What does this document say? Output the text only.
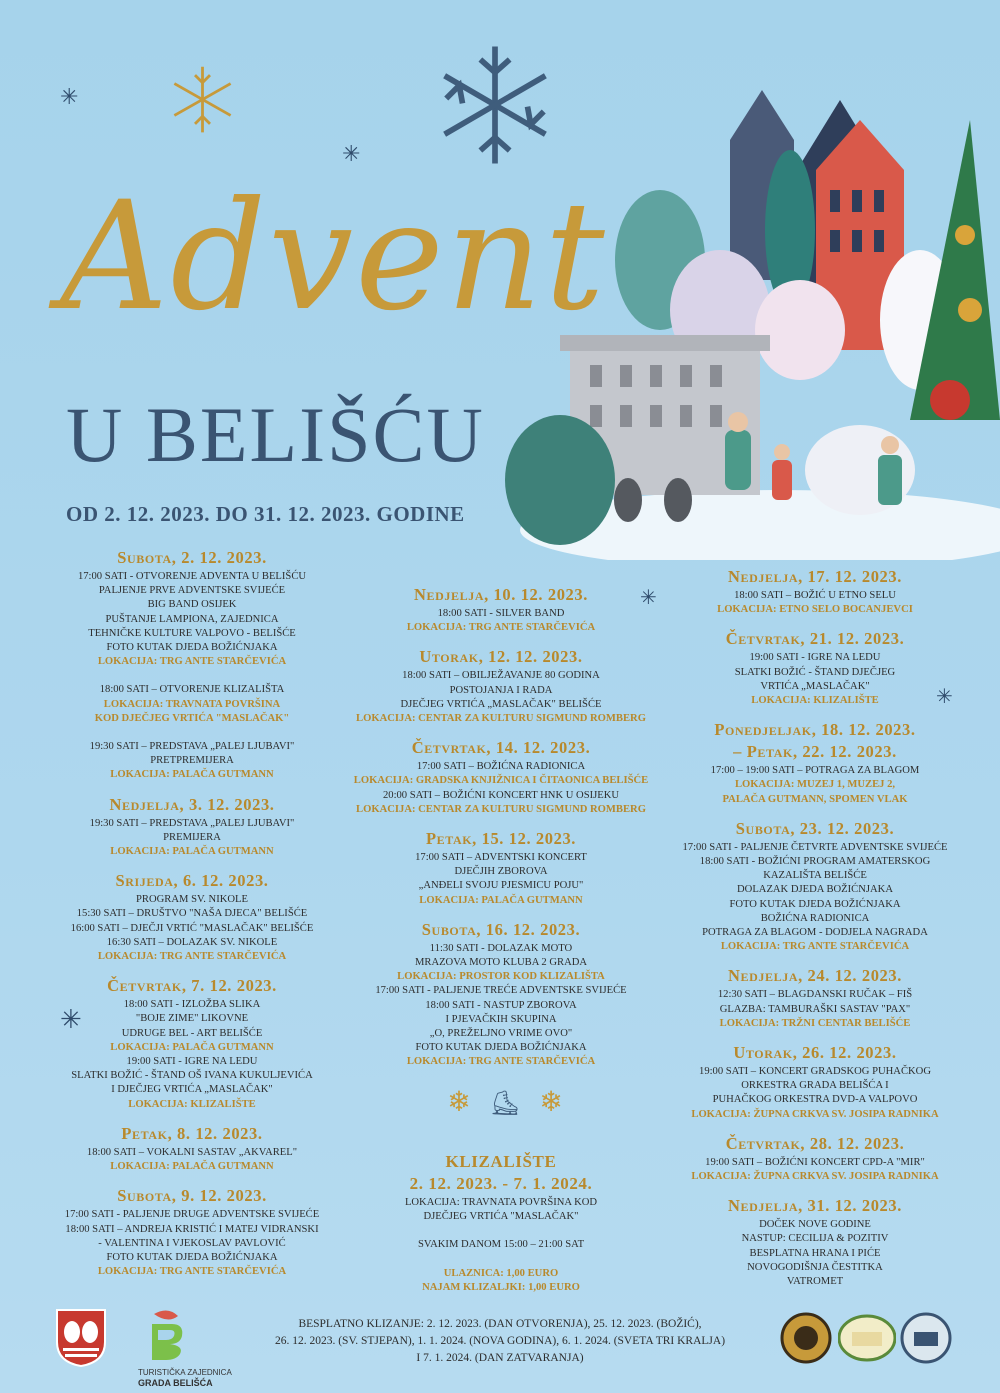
✳
✳
✳
✳
✳
Advent
U BELIŠĆU
OD 2. 12. 2023. DO 31. 12. 2023. GODINE
Subota, 2. 12. 2023.
17:00 SATI - OTVORENJE ADVENTA U BELIŠĆU
PALJENJE PRVE ADVENTSKE SVIJEĆE
BIG BAND OSIJEK
PUŠTANJE LAMPIONA, ZAJEDNICA
TEHNIČKE KULTURE VALPOVO - BELIŠĆE
FOTO KUTAK DJEDA BOŽIĆNJAKA
LOKACIJA: TRG ANTE STARČEVIĆA
18:00 SATI – OTVORENJE KLIZALIŠTA
LOKACIJA: TRAVNATA POVRŠINA
KOD DJEČJEG VRTIĆA "MASLAČAK"
19:30 SATI – PREDSTAVA „PALEJ LJUBAVI"
PRETPREMIJERA
LOKACIJA: PALAČA GUTMANN
Nedjelja, 3. 12. 2023.
19:30 SATI – PREDSTAVA „PALEJ LJUBAVI"
PREMIJERA
LOKACIJA: PALAČA GUTMANN
Srijeda, 6. 12. 2023.
PROGRAM SV. NIKOLE
15:30 SATI – DRUŠTVO "NAŠA DJECA" BELIŠĆE
16:00 SATI – DJEČJI VRTIĆ "MASLAČAK" BELIŠĆE
16:30 SATI – DOLAZAK SV. NIKOLE
LOKACIJA: TRG ANTE STARČEVIĆA
Četvrtak, 7. 12. 2023.
18:00 SATI - IZLOŽBA SLIKA
"BOJE ZIME" LIKOVNE
UDRUGE BEL - ART BELIŠĆE
LOKACIJA: PALAČA GUTMANN
19:00 SATI - IGRE NA LEDU
SLATKI BOŽIĆ - ŠTAND OŠ IVANA KUKULJEVIĆA
I DJEČJEG VRTIĆA „MASLAČAK"
LOKACIJA: KLIZALIŠTE
Petak, 8. 12. 2023.
18:00 SATI – VOKALNI SASTAV „AKVAREL"
LOKACIJA: PALAČA GUTMANN
Subota, 9. 12. 2023.
17:00 SATI - PALJENJE DRUGE ADVENTSKE SVIJEĆE
18:00 SATI – ANDREJA KRISTIĆ I MATEJ VIDRANSKI
- VALENTINA I VJEKOSLAV PAVLOVIĆ
FOTO KUTAK DJEDA BOŽIĆNJAKA
LOKACIJA: TRG ANTE STARČEVIĆA
Nedjelja, 10. 12. 2023.
18:00 SATI - SILVER BAND
LOKACIJA: TRG ANTE STARČEVIĆA
Utorak, 12. 12. 2023.
18:00 SATI – OBILJEŽAVANJE 80 GODINA
POSTOJANJA I RADA
DJEČJEG VRTIĆA „MASLAČAK" BELIŠĆE
LOKACIJA: CENTAR ZA KULTURU SIGMUND ROMBERG
Četvrtak, 14. 12. 2023.
17:00 SATI – BOŽIĆNA RADIONICA
LOKACIJA: GRADSKA KNJIŽNICA I ČITAONICA BELIŠĆE
20:00 SATI – BOŽIĆNI KONCERT HNK U OSIJEKU
LOKACIJA: CENTAR ZA KULTURU SIGMUND ROMBERG
Petak, 15. 12. 2023.
17:00 SATI – ADVENTSKI KONCERT
DJEČJIH ZBOROVA
„ANĐELI SVOJU PJESMICU POJU"
LOKACIJA: PALAČA GUTMANN
Subota, 16. 12. 2023.
11:30 SATI - DOLAZAK MOTO
MRAZOVA MOTO KLUBA 2 GRADA
LOKACIJA: PROSTOR KOD KLIZALIŠTA
17:00 SATI - PALJENJE TREĆE ADVENTSKE SVIJEĆE
18:00 SATI - NASTUP ZBOROVA
I PJEVAČKIH SKUPINA
„O, PREŽELJNO VRIME OVO"
FOTO KUTAK DJEDA BOŽIĆNJAKA
LOKACIJA: TRG ANTE STARČEVIĆA
Nedjelja, 17. 12. 2023.
18:00 SATI – BOŽIĆ U ETNO SELU
LOKACIJA: ETNO SELO BOCANJEVCI
Četvrtak, 21. 12. 2023.
19:00 SATI - IGRE NA LEDU
SLATKI BOŽIĆ - ŠTAND DJEČJEG
VRTIĆA „MASLAČAK"
LOKACIJA: KLIZALIŠTE
Ponedjeljak, 18. 12. 2023.
– Petak, 22. 12. 2023.
17:00 – 19:00 SATI – POTRAGA ZA BLAGOM
LOKACIJA: MUZEJ 1, MUZEJ 2,
PALAČA GUTMANN, SPOMEN VLAK
Subota, 23. 12. 2023.
17:00 SATI - PALJENJE ČETVRTE ADVENTSKE SVIJEĆE
18:00 SATI - BOŽIĆNI PROGRAM AMATERSKOG
KAZALIŠTA BELIŠĆE
DOLAZAK DJEDA BOŽIĆNJAKA
FOTO KUTAK DJEDA BOŽIĆNJAKA
BOŽIĆNA RADIONICA
POTRAGA ZA BLAGOM - DODJELA NAGRADA
LOKACIJA: TRG ANTE STARČEVIĆA
Nedjelja, 24. 12. 2023.
12:30 SATI – BLAGDANSKI RUČAK – FIŠ
GLAZBA: TAMBURAŠKI SASTAV "PAX"
LOKACIJA: TRŽNI CENTAR BELIŠĆE
Utorak, 26. 12. 2023.
19:00 SATI – KONCERT GRADSKOG PUHAČKOG
ORKESTRA GRADA BELIŠĆA I
PUHAČKOG ORKESTRA DVD-A VALPOVO
LOKACIJA: ŽUPNA CRKVA SV. JOSIPA RADNIKA
Četvrtak, 28. 12. 2023.
19:00 SATI – BOŽIĆNI KONCERT CPD-A "MIR"
LOKACIJA: ŽUPNA CRKVA SV. JOSIPA RADNIKA
Nedjelja, 31. 12. 2023.
DOČEK NOVE GODINE
NASTUP: CECILIJA & POZITIV
BESPLATNA HRANA I PIĆE
NOVOGODIŠNJA ČESTITKA
VATROMET
❄ ⛸ ❄
KLIZALIŠTE
2. 12. 2023. - 7. 1. 2024.
LOKACIJA: TRAVNATA POVRŠINA KOD
DJEČJEG VRTIĆA "MASLAČAK"
SVAKIM DANOM 15:00 – 21:00 SAT
ULAZNICA: 1,00 EURO
NAJAM KLIZALJKI: 1,00 EURO
TURISTIČKA ZAJEDNICA
GRADA BELIŠĆA
BESPLATNO KLIZANJE: 2. 12. 2023. (DAN OTVORENJA), 25. 12. 2023. (BOŽIĆ),
26. 12. 2023. (SV. STJEPAN), 1. 1. 2024. (NOVA GODINA), 6. 1. 2024. (SVETA TRI KRALJA)
I 7. 1. 2024. (DAN ZATVARANJA)
